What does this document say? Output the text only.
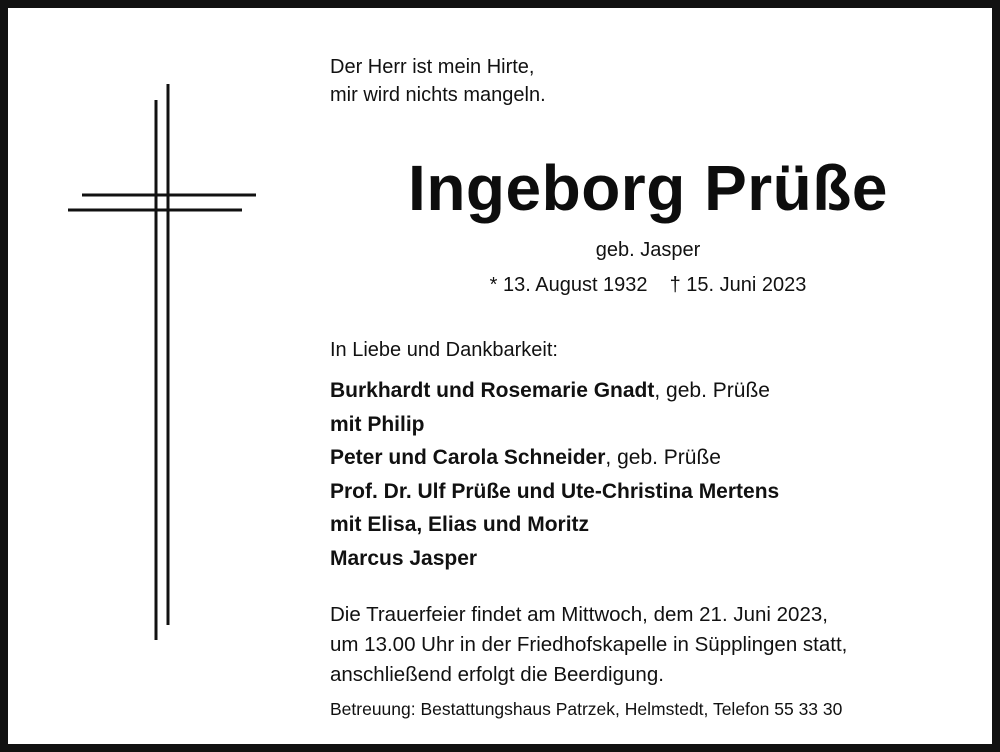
Der Herr ist mein Hirte,
mir wird nichts mangeln.
Ingeborg Prüße
geb. Jasper
* 13. August 1932 † 15. Juni 2023
In Liebe und Dankbarkeit:
Burkhardt und Rosemarie Gnadt, geb. Prüße
mit Philip
Peter und Carola Schneider, geb. Prüße
Prof. Dr. Ulf Prüße und Ute-Christina Mertens
mit Elisa, Elias und Moritz
Marcus Jasper
Die Trauerfeier findet am Mittwoch, dem 21. Juni 2023,
um 13.00 Uhr in der Friedhofskapelle in Süpplingen statt,
anschließend erfolgt die Beerdigung.
Betreuung: Bestattungshaus Patrzek, Helmstedt, Telefon 55 33 30
